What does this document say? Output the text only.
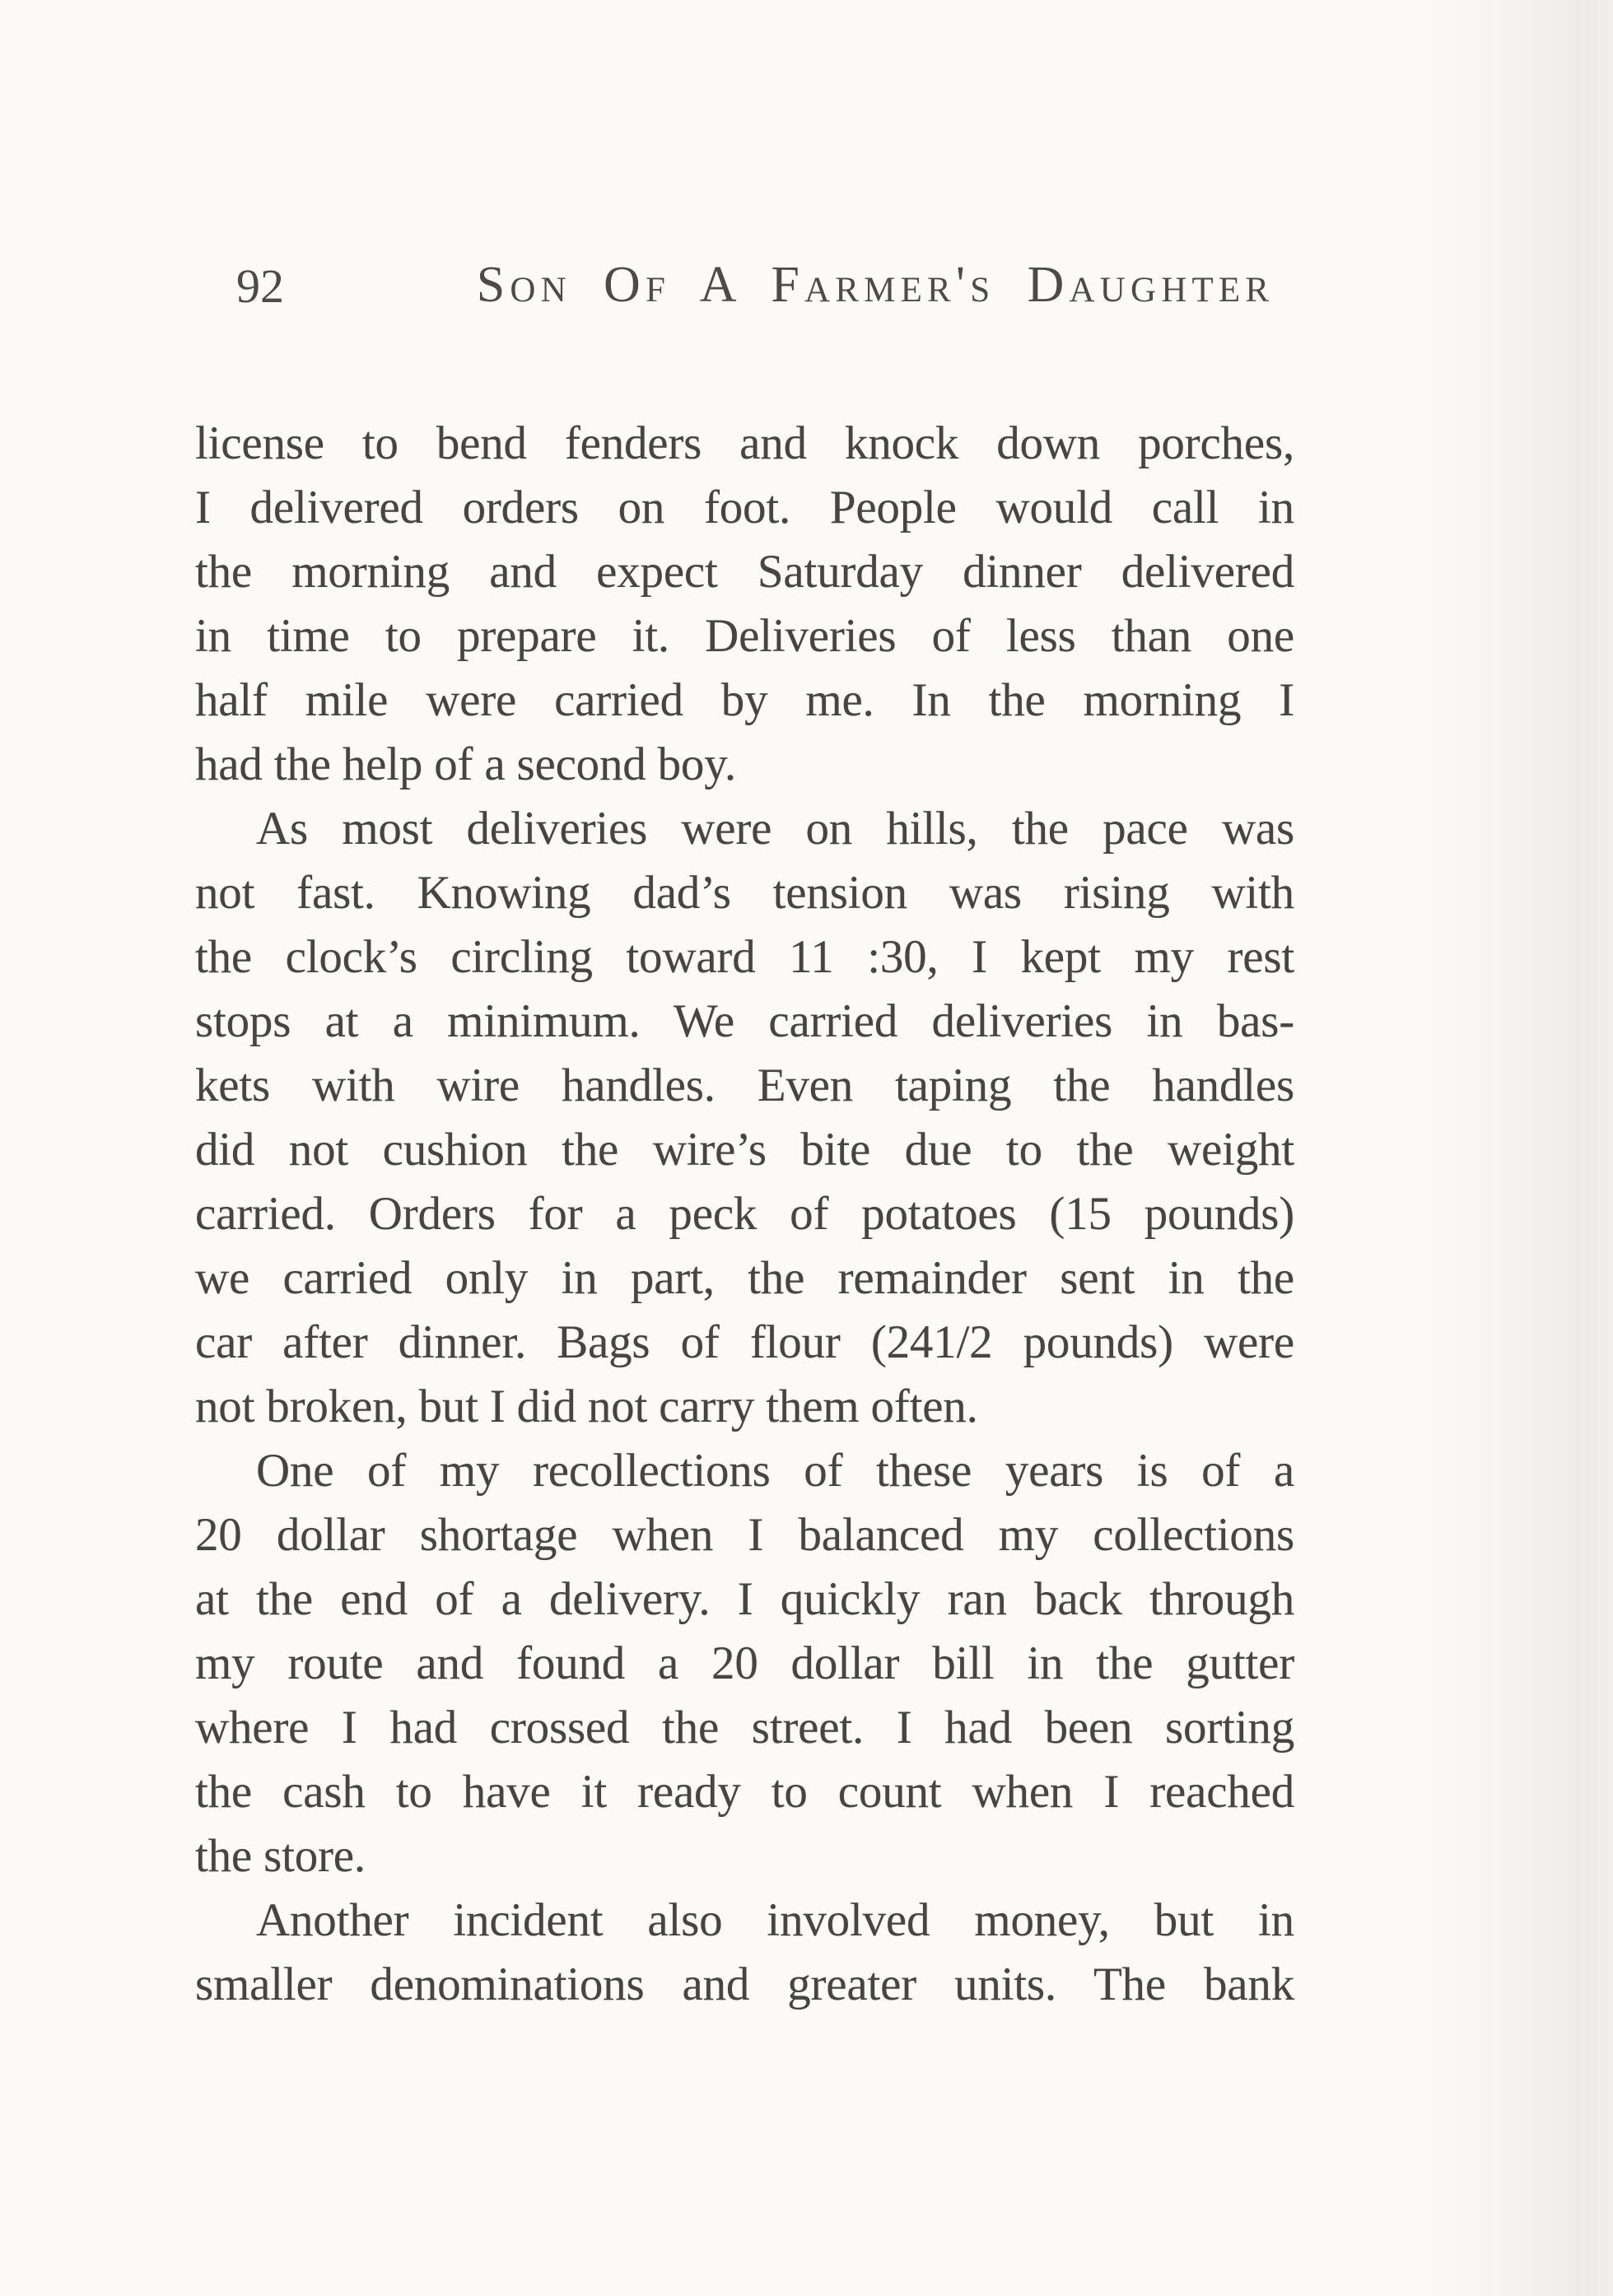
92	Son Of A Farmer's Daughter
license to bend fenders and knock down porches,
I delivered orders on foot. People would call in
the morning and expect Saturday dinner delivered
in time to prepare it. Deliveries of less than one
half mile were carried by me. In the morning I
had the help of a second boy.
As most deliveries were on hills, the pace was
not fast. Knowing dad’s tension was rising with
the clock’s circling toward 11 :30, I kept my rest
stops at a minimum. We carried deliveries in bas-
kets with wire handles. Even taping the handles
did not cushion the wire’s bite due to the weight
carried. Orders for a peck of potatoes (15 pounds)
we carried only in part, the remainder sent in the
car after dinner. Bags of flour (241/2 pounds) were
not broken, but I did not carry them often.
One of my recollections of these years is of a
20 dollar shortage when I balanced my collections
at the end of a delivery. I quickly ran back through
my route and found a 20 dollar bill in the gutter
where I had crossed the street. I had been sorting
the cash to have it ready to count when I reached
the store.
Another incident also involved money, but in
smaller denominations and greater units. The bank
